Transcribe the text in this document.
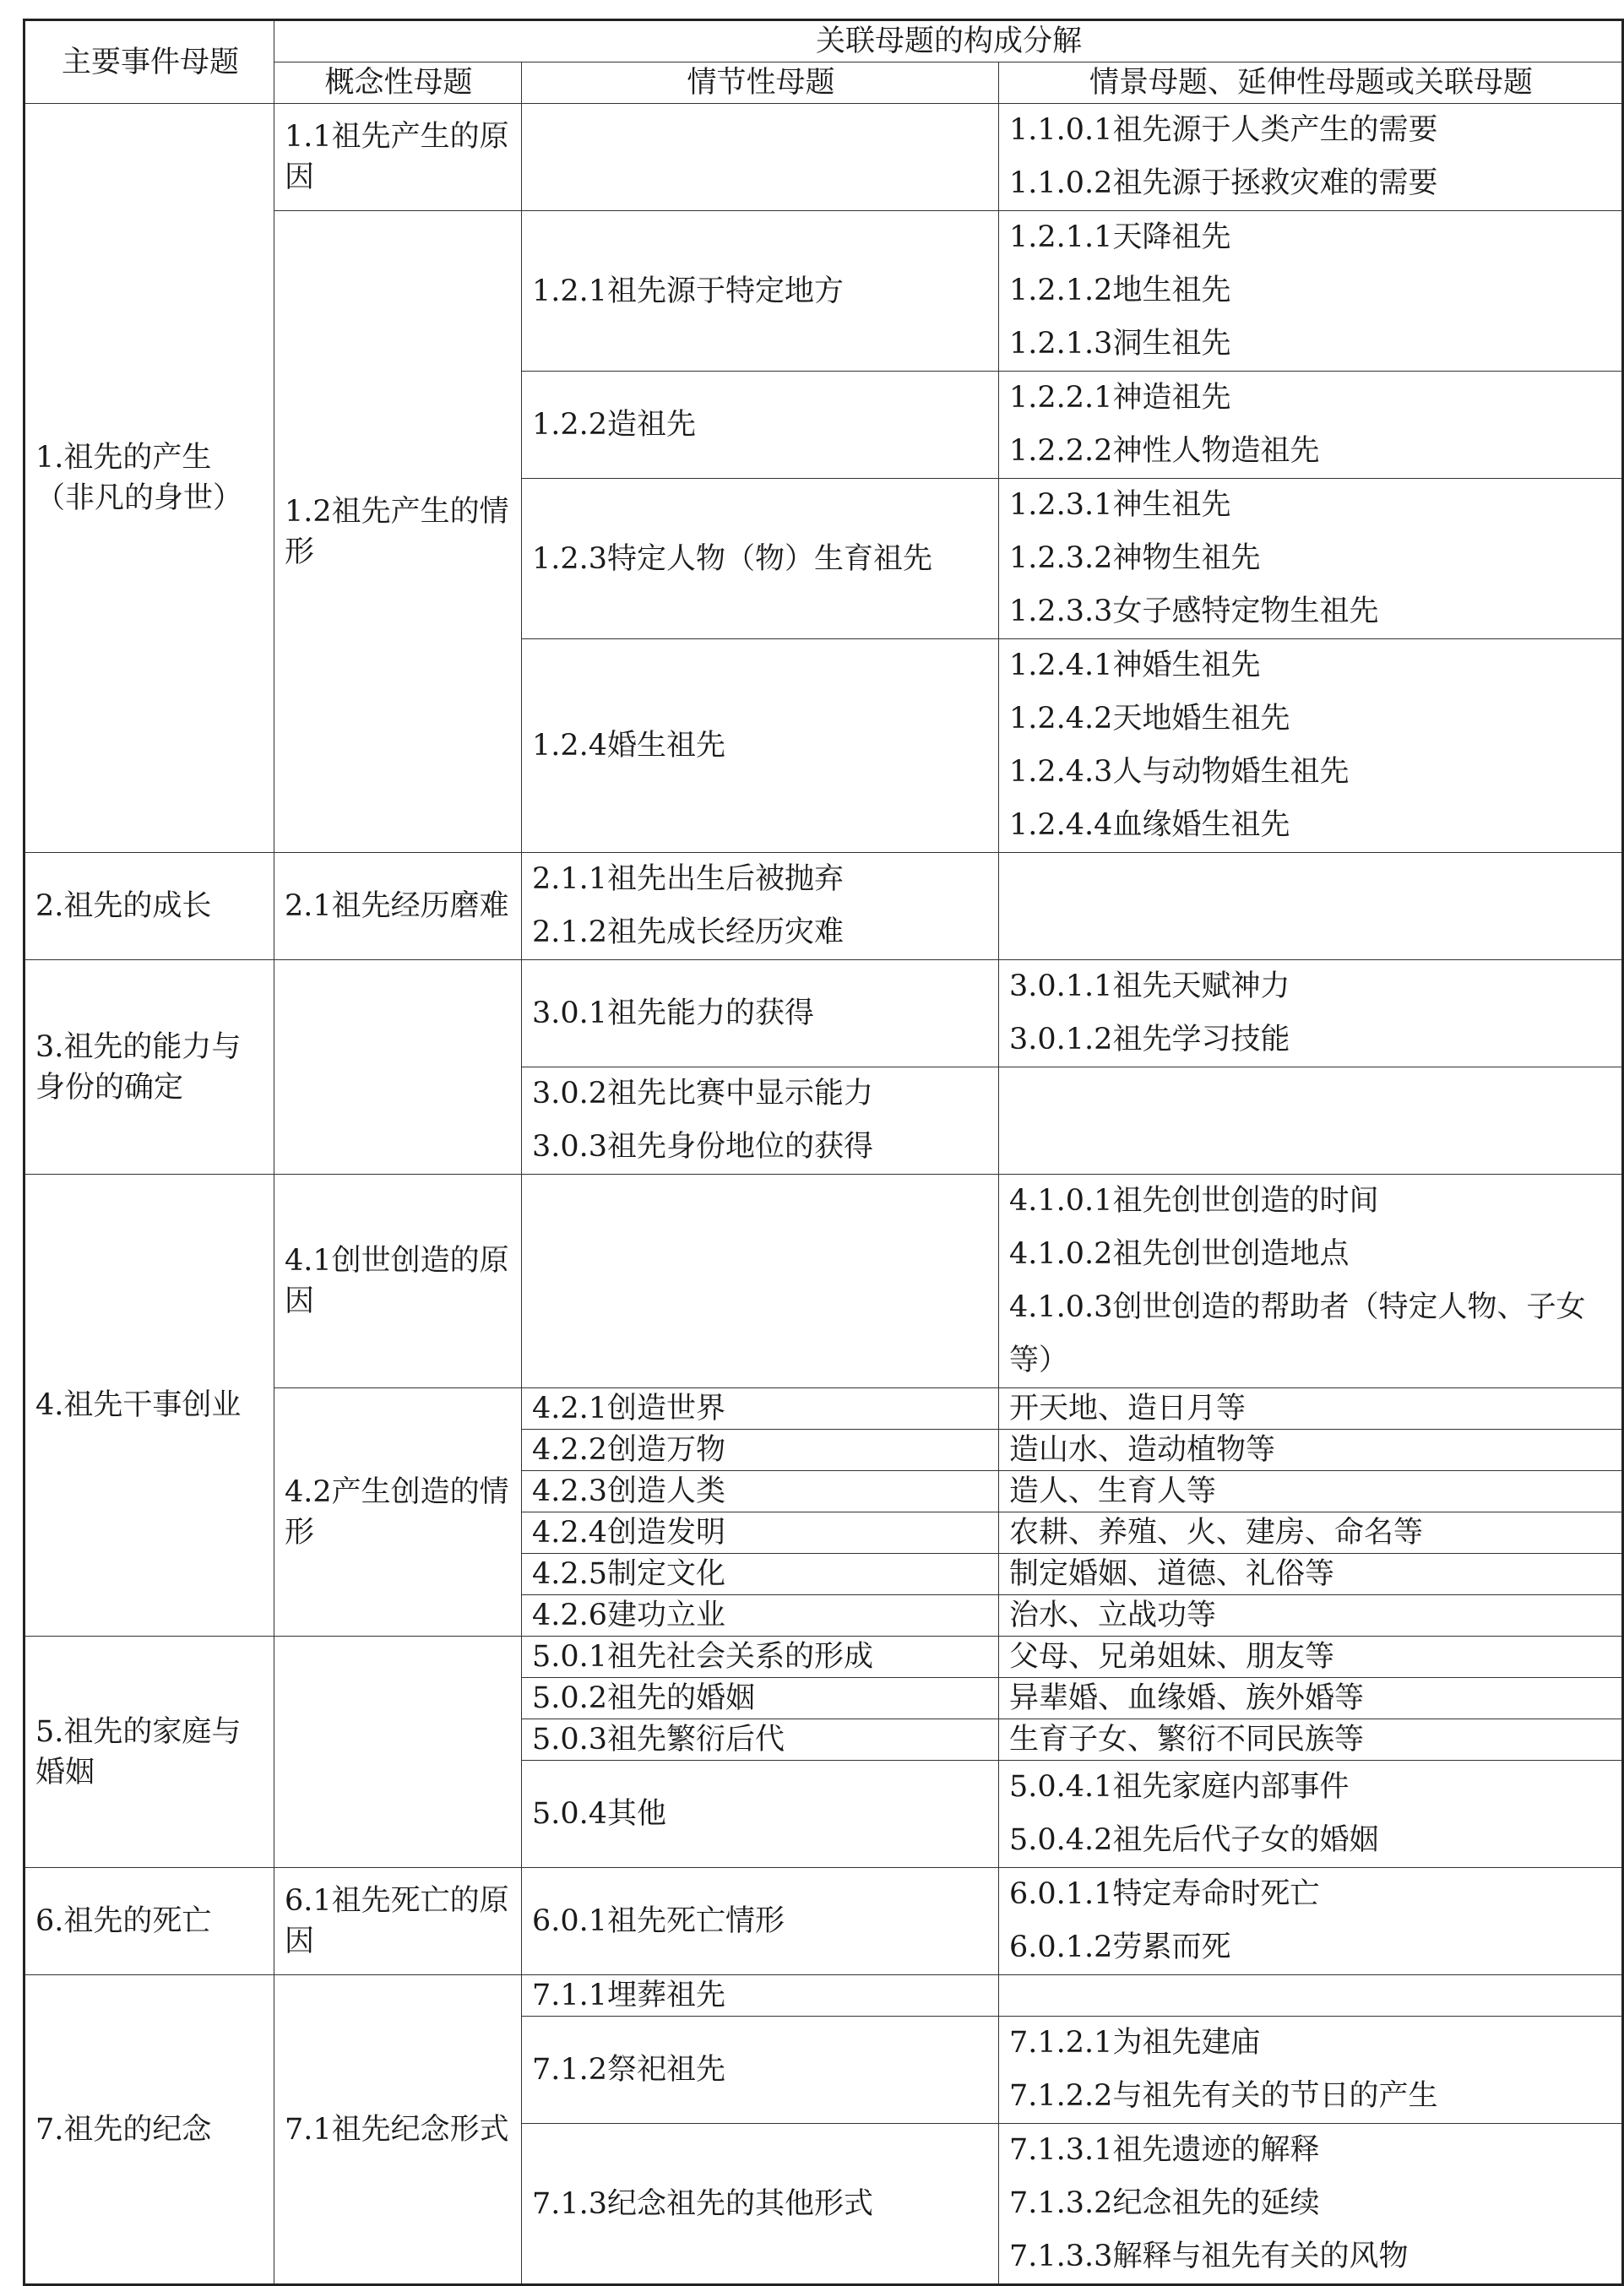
主要事件母题	关联母题的构成分解		
	概念性母题	情节性母题	情景母题、延伸性母题或关联母题
1.祖先的产生（非凡的身世）	1.1祖先产生的原因		1.1.0.1祖先源于人类产生的需要
1.1.0.2祖先源于拯救灾难的需要

	1.2祖先产生的情形	1.2.1祖先源于特定地方	1.2.1.1天降祖先
1.2.1.2地生祖先
1.2.1.3洞生祖先

		1.2.2造祖先	1.2.2.1神造祖先
1.2.2.2神性人物造祖先

		1.2.3特定人物（物）生育祖先	1.2.3.1神生祖先
1.2.3.2神物生祖先
1.2.3.3女子感特定物生祖先

		1.2.4婚生祖先	1.2.4.1神婚生祖先
1.2.4.2天地婚生祖先
1.2.4.3人与动物婚生祖先
1.2.4.4血缘婚生祖先

2.祖先的成长	2.1祖先经历磨难	2.1.1祖先出生后被抛弃
2.1.2祖先成长经历灾难	

3.祖先的能力与身份的确定		3.0.1祖先能力的获得	3.0.1.1祖先天赋神力
3.0.1.2祖先学习技能

		3.0.2祖先比赛中显示能力
3.0.3祖先身份地位的获得	

4.祖先干事创业	4.1创世创造的原因		4.1.0.1祖先创世创造的时间
4.1.0.2祖先创世创造地点
4.1.0.3创世创造的帮助者（特定人物、子女等）

	4.2产生创造的情形	4.2.1创造世界	开天地、造日月等
		4.2.2创造万物	造山水、造动植物等
		4.2.3创造人类	造人、生育人等
		4.2.4创造发明	农耕、养殖、火、建房、命名等
		4.2.5制定文化	制定婚姻、道德、礼俗等
		4.2.6建功立业	治水、立战功等
5.祖先的家庭与婚姻		5.0.1祖先社会关系的形成	父母、兄弟姐妹、朋友等
		5.0.2祖先的婚姻	异辈婚、血缘婚、族外婚等
		5.0.3祖先繁衍后代	生育子女、繁衍不同民族等
		5.0.4其他	5.0.4.1祖先家庭内部事件
5.0.4.2祖先后代子女的婚姻

6.祖先的死亡	6.1祖先死亡的原因	6.0.1祖先死亡情形	6.0.1.1特定寿命时死亡
6.0.1.2劳累而死

7.祖先的纪念	7.1祖先纪念形式	7.1.1埋葬祖先	
		7.1.2祭祀祖先	7.1.2.1为祖先建庙
7.1.2.2与祖先有关的节日的产生

		7.1.3纪念祖先的其他形式	7.1.3.1祖先遗迹的解释
7.1.3.2纪念祖先的延续
7.1.3.3解释与祖先有关的风物
